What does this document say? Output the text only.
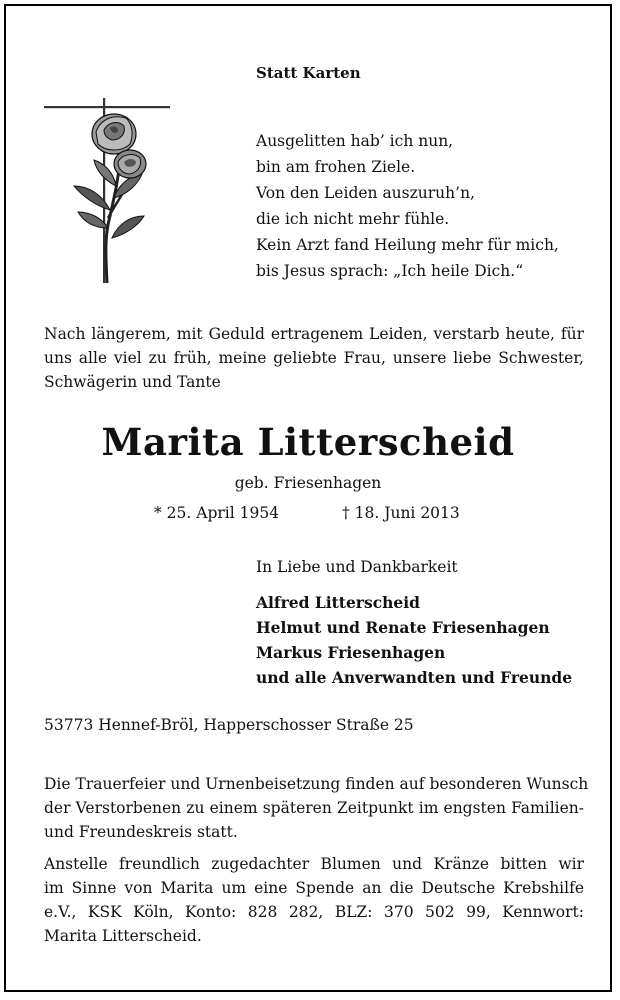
Statt Karten
Ausgelitten hab’ ich nun,
bin am frohen Ziele.
Von den Leiden auszuruh’n,
die ich nicht mehr fühle.
Kein Arzt fand Heilung mehr für mich,
bis Jesus sprach: „Ich heile Dich.“
Nach längerem, mit Geduld ertragenem Leiden, verstarb heute, für
uns alle viel zu früh, meine geliebte Frau, unsere liebe Schwester,
Schwägerin und Tante
Marita Litterscheid
geb. Friesenhagen
* 25. April 1954	† 18. Juni 2013
In Liebe und Dankbarkeit
Alfred Litterscheid
Helmut und Renate Friesenhagen
Markus Friesenhagen
und alle Anverwandten und Freunde
53773 Hennef-Bröl, Happerschosser Straße 25
Die Trauerfeier und Urnenbeisetzung finden auf besonderen Wunsch
der Verstorbenen zu einem späteren Zeitpunkt im engsten Familien-
und Freundeskreis statt.
Anstelle freundlich zugedachter Blumen und Kränze bitten wir
im Sinne von Marita um eine Spende an die Deutsche Krebshilfe
e.V., KSK Köln, Konto: 828 282, BLZ: 370 502 99, Kennwort:
Marita Litterscheid.
